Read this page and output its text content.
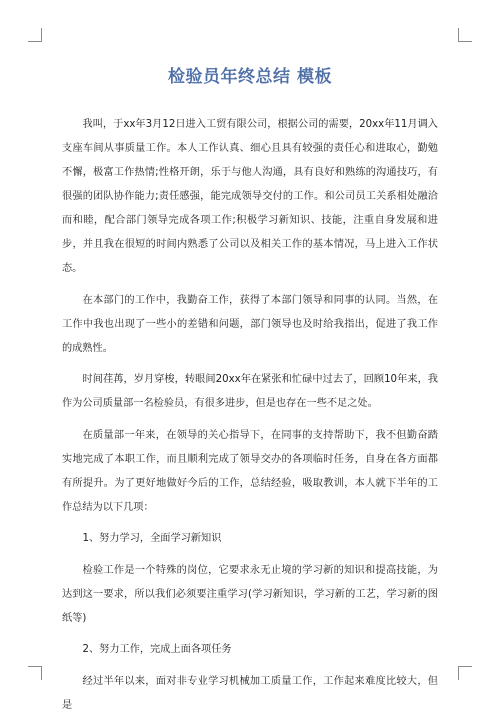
检验员年终总结 模板

我叫，于xx年3月12日进入工贸有限公司，根据公司的需要，20xx年11月调入支座车间从事质量工作。本人工作认真、细心且具有较强的责任心和进取心，勤勉不懈，极富工作热情;性格开朗，乐于与他人沟通，具有良好和熟练的沟通技巧，有很强的团队协作能力;责任感强，能完成领导交付的工作。和公司员工关系相处融洽而和睦，配合部门领导完成各项工作;积极学习新知识、技能，注重自身发展和进步，并且我在很短的时间内熟悉了公司以及相关工作的基本情况，马上进入工作状态。

在本部门的工作中，我勤奋工作，获得了本部门领导和同事的认同。当然，在工作中我也出现了一些小的差错和问题，部门领导也及时给我指出，促进了我工作的成熟性。

时间荏苒，岁月穿梭，转眼间20xx年在紧张和忙碌中过去了，回顾10年来，我作为公司质量部一名检验员，有很多进步，但是也存在一些不足之处。

在质量部一年来，在领导的关心指导下，在同事的支持帮助下，我不但勤奋踏实地完成了本职工作，而且顺利完成了领导交办的各项临时任务，自身在各方面都有所提升。为了更好地做好今后的工作，总结经验，吸取教训，本人就下半年的工作总结为以下几项：

1、努力学习，全面学习新知识

检验工作是一个特殊的岗位，它要求永无止境的学习新的知识和提高技能，为达到这一要求，所以我们必须要注重学习(学习新知识，学习新的工艺，学习新的图纸等)

2、努力工作，完成上面各项任务

经过半年以来，面对非专业学习机械加工质量工作，工作起来难度比较大，但是
